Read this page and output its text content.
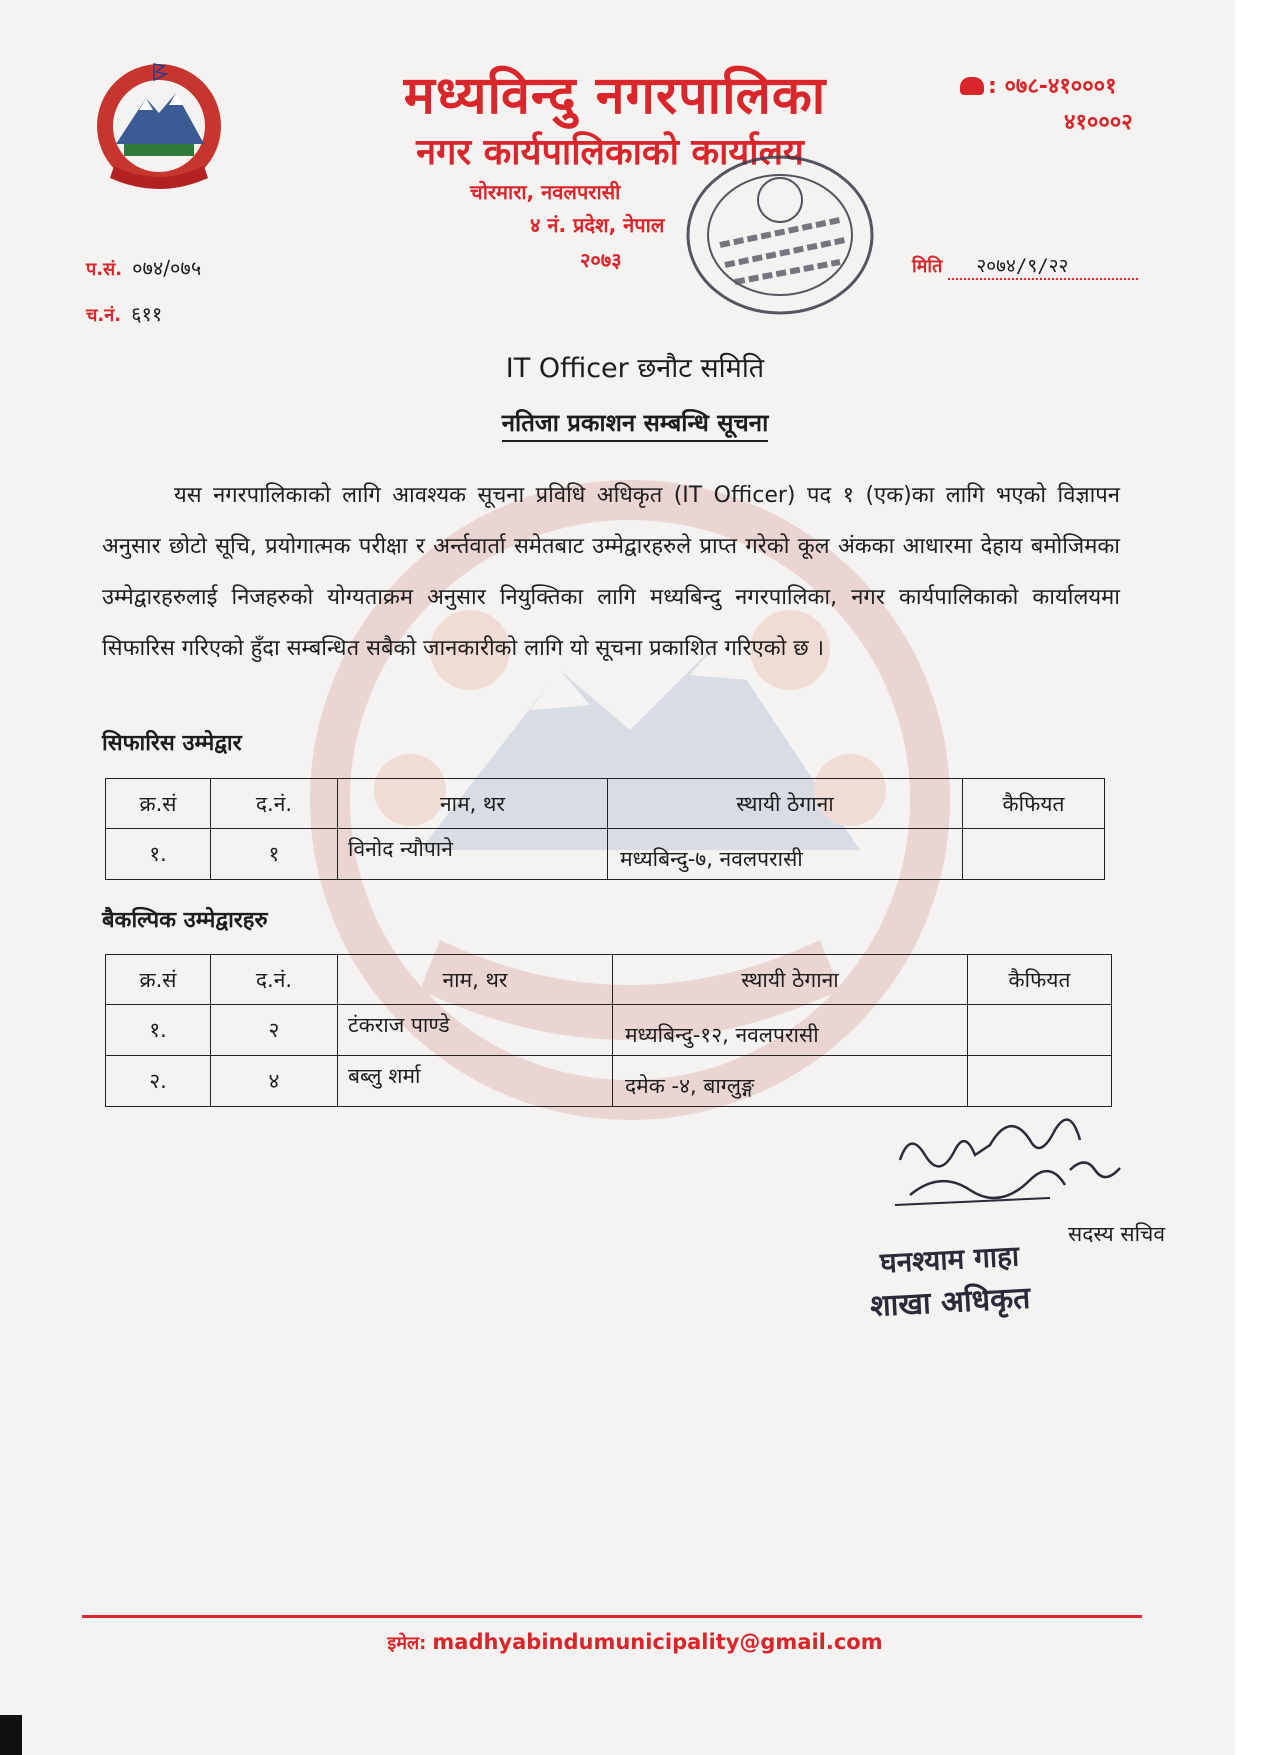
मध्यविन्दु नगरपालिका
नगर कार्यपालिकाको कार्यालय
चोरमारा, नवलपरासी
४ नं. प्रदेश, नेपाल
२०७३
: ०७८-४१०००१
४१०००२
प.सं. ०७४/०७५
च.नं. ६११
मिति २०७४/९/२२
IT Officer छनौट समिति
नतिजा प्रकाशन सम्बन्धि सूचना
यस नगरपालिकाको लागि आवश्यक सूचना प्रविधि अधिकृत (IT Officer) पद १ (एक)का लागि भएको विज्ञापन अनुसार छोटो सूचि, प्रयोगात्मक परीक्षा र अर्न्तवार्ता समेतबाट उम्मेद्वारहरुले प्राप्त गरेको कूल अंकका आधारमा देहाय बमोजिमका उम्मेद्वारहरुलाई निजहरुको योग्यताक्रम अनुसार नियुक्तिका लागि मध्यबिन्दु नगरपालिका, नगर कार्यपालिकाको कार्यालयमा सिफारिस गरिएको हुँदा सम्बन्धित सबैको जानकारीको लागि यो सूचना प्रकाशित गरिएको छ ।
सिफारिस उम्मेद्वार
क्र.सं	द.नं.	नाम, थर	स्थायी ठेगाना	कैफियत
१.	१	विनोद न्यौपाने	मध्यबिन्दु-७, नवलपरासी	
बैकल्पिक उम्मेद्वारहरु
क्र.सं	द.नं.	नाम, थर	स्थायी ठेगाना	कैफियत
१.	२	टंकराज पाण्डे	मध्यबिन्दु-१२, नवलपरासी	
२.	४	बब्लु शर्मा	दमेक -४, बाग्लुङ्ग	
सदस्य सचिव
घनश्याम गाहा
शाखा अधिकृत
इमेल: madhyabindumunicipality@gmail.com
